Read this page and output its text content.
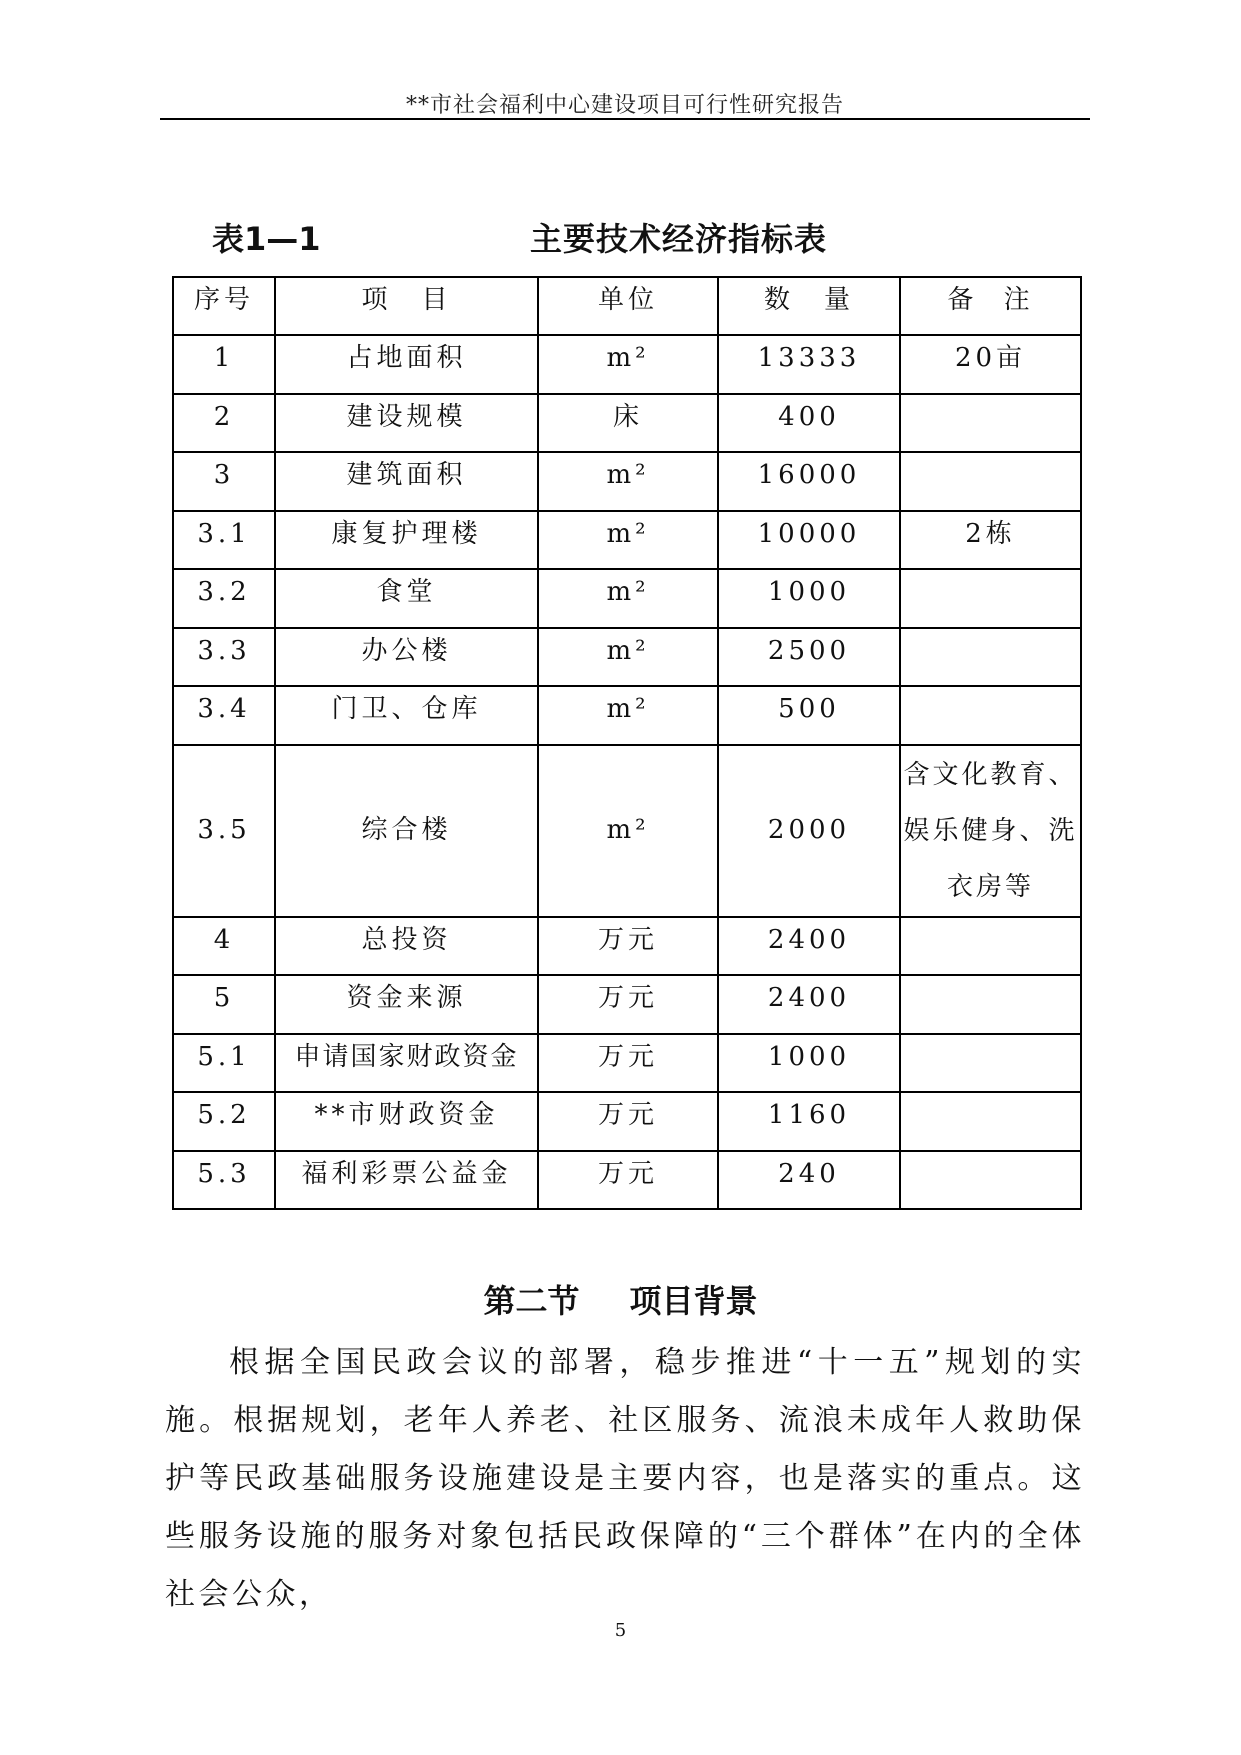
**市社会福利中心建设项目可行性研究报告
表1—1	主要技术经济指标表
序号	项　目	单位	数　量	备 注
1	占地面积	m²	13333	20亩
2	建设规模	床	400	
3	建筑面积	m²	16000	
3.1	康复护理楼	m²	10000	2栋
3.2	食堂	m²	1000	
3.3	办公楼	m²	2500	
3.4	门卫、仓库	m²	500	
3.5	综合楼	m²	2000	含文化教育、
娱乐健身、洗
衣房等

4	总投资	万元	2400	
5	资金来源	万元	2400	
5.1	申请国家财政资金	万元	1000	
5.2	**市财政资金	万元	1160	
5.3	福利彩票公益金	万元	240	
第二节 项目背景

根据全国民政会议的部署，稳步推进“十一五”规划的实施。根据规划，老年人养老、社区服务、流浪未成年人救助保护等民政基础服务设施建设是主要内容，也是落实的重点。这些服务设施的服务对象包括民政保障的“三个群体”在内的全体社会公众，

5
